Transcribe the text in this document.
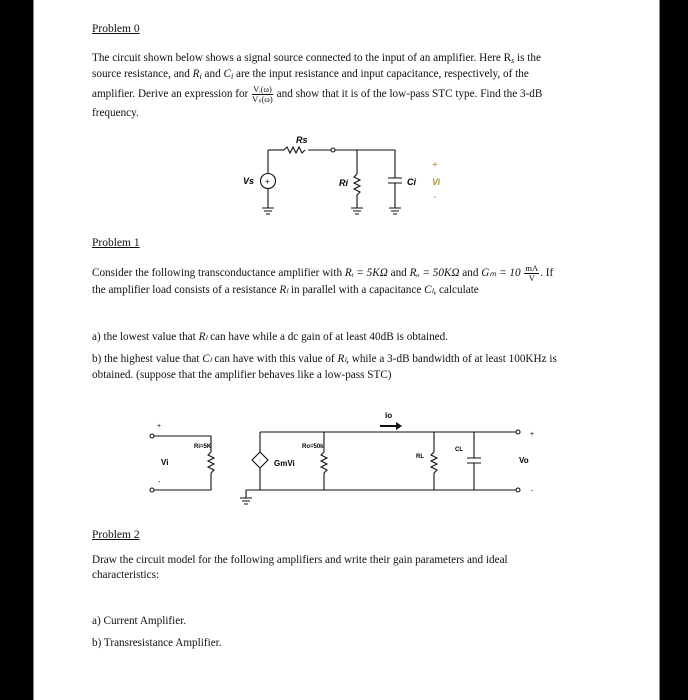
Problem 0
The circuit shown below shows a signal source connected to the input of an amplifier. Here $R_s$ is the
source resistance, and $R_i$ and $C_i$ are the input resistance and input capacitance, respectively, of the
amplifier. Derive an expression for $\frac{\text{Vᵢ(ω)}}{\text{Vₛ(ω)}}$ and show that it is of the low-pass STC type. Find the 3-dB
frequency.
+
Rs
Vs	Ri	Ci Vi
+
-
Problem 1
Consider the following transconductance amplifier with Rᵢ = 5KΩ and Rₒ = 50KΩ and $G_m = 10 \frac{mA}{V}$ . If
the amplifier load consists of a resistance Rₗ in parallel with a capacitance Cₗ, calculate
a) the lowest value that Rₗ can have while a dc gain of at least 40dB is obtained.
b) the highest value that Cₗ can have with this value of Rₗ, while a 3-dB bandwidth of at least 100KHz is
obtained. (suppose that the amplifier behaves like a low-pass STC)
↑
io
Ri=5K	Ro=50k
RL
CL
Vi	Vo
GmVi
+
-
+
-
Problem 2
Draw the circuit model for the following amplifiers and write their gain parameters and ideal
characteristics:
a) Current Amplifier.
b) Transresistance Amplifier.
